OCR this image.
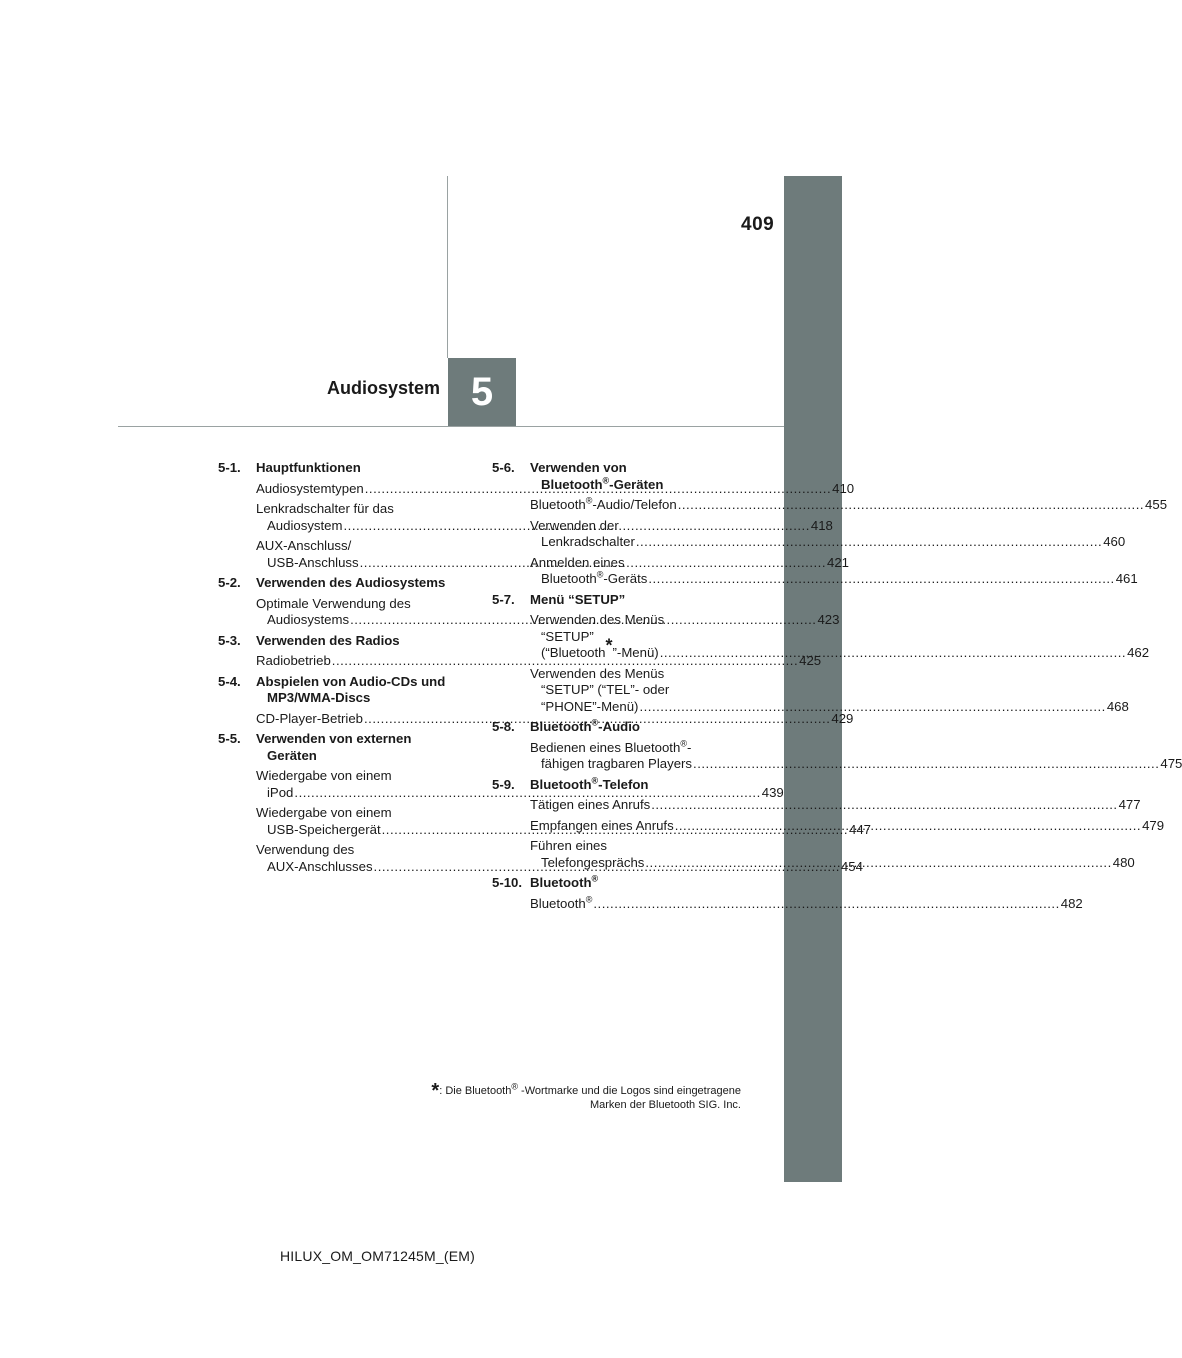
409
5
Audiosystem
5-1.	Hauptfunktionen
Audiosystemtypen .....	410
Lenkradschalter für das
Audiosystem .....	418
AUX-Anschluss/
USB-Anschluss .....	421
5-2.	Verwenden des Audiosystems
Optimale Verwendung des
Audiosystems .....	423
5-3.	Verwenden des Radios
Radiobetrieb .....	425
5-4.	Abspielen von Audio-CDs und
MP3/WMA-Discs
CD-Player-Betrieb .....	429
5-5.	Verwenden von externen
Geräten
Wiedergabe von einem
iPod .....	439
Wiedergabe von einem
USB-Speichergerät .....	447
Verwendung des
AUX-Anschlusses .....	454
5-6.	Verwenden von
Bluetooth®-Geräten
Bluetooth®-Audio/Telefon .....	455
Verwenden der
Lenkradschalter .....	460
Anmelden eines
Bluetooth®-Geräts .....	461
5-7.	Menü “SETUP”
Verwenden des Menüs
“SETUP”
(“Bluetooth*”-Menü) .....	462
Verwenden des Menüs
“SETUP” (“TEL”- oder
“PHONE”-Menü) .....	468
5-8.	Bluetooth®-Audio
Bedienen eines Bluetooth®-
fähigen tragbaren Players .....	475
5-9.	Bluetooth®-Telefon
Tätigen eines Anrufs .....	477
Empfangen eines Anrufs .....	479
Führen eines
Telefongesprächs .....	480
5-10. Bluetooth®
Bluetooth® .....	482
*: Die Bluetooth® -Wortmarke und die Logos sind eingetragene
Marken der Bluetooth SIG. Inc.
HILUX_OM_OM71245M_(EM)
